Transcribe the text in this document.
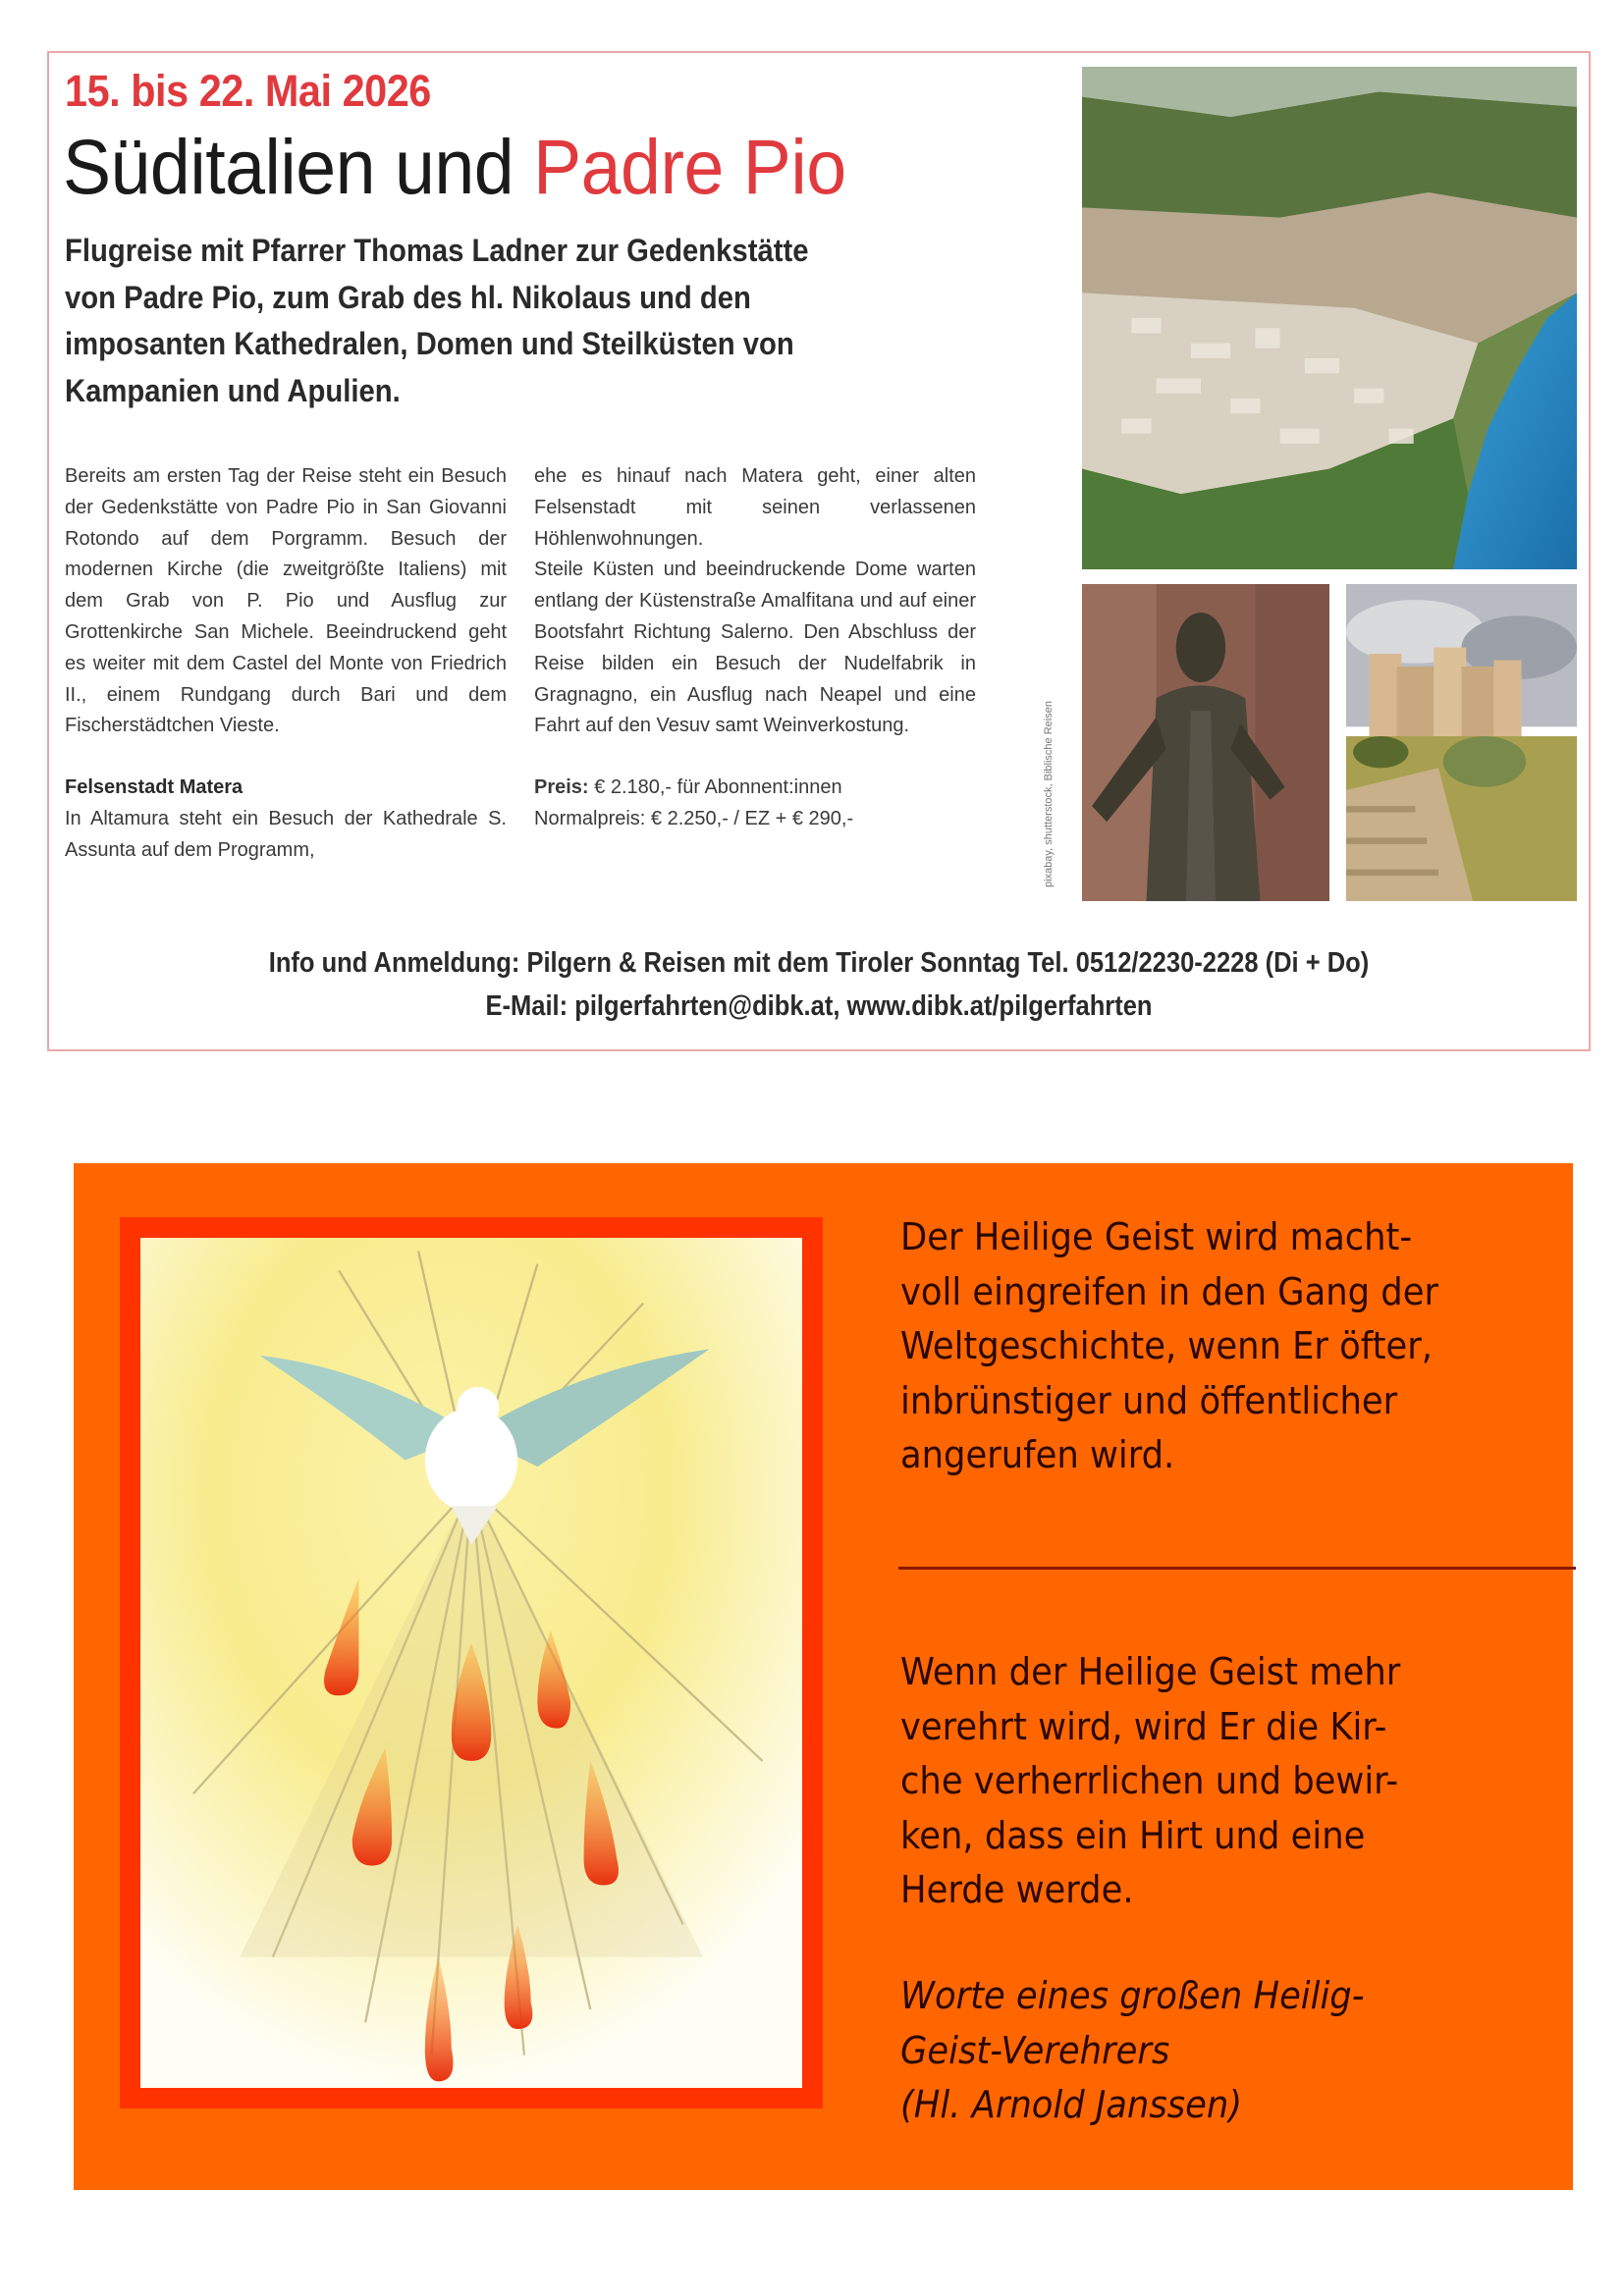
15. bis 22. Mai 2026
Süditalien und Padre Pio
Flugreise mit Pfarrer Thomas Ladner zur Gedenkstätte
von Padre Pio, zum Grab des hl. Nikolaus und den
imposanten Kathedralen, Domen und Steilküsten von
Kampanien und Apulien.

Bereits am ersten Tag der Reise steht ein Besuch der Gedenkstätte von Padre Pio in San Giovanni Rotondo auf dem Porgramm. Besuch der modernen Kirche (die zweitgrößte Italiens) mit dem Grab von P. Pio und Ausflug zur Grottenkirche San Michele. Beeindruckend geht es weiter mit dem Castel del Monte von Friedrich II., einem Rundgang durch Bari und dem Fischerstädtchen Vieste.

Felsenstadt Matera

In Altamura steht ein Besuch der Kathedrale S. Assunta auf dem Programm,

ehe es hinauf nach Matera geht, einer alten Felsenstadt mit seinen verlassenen Höhlenwohnungen.

Steile Küsten und beeindruckende Dome warten entlang der Küstenstraße Amalfitana und auf einer Bootsfahrt Richtung Salerno. Den Abschluss der Reise bilden ein Besuch der Nudelfabrik in Gragnagno, ein Ausflug nach Neapel und eine Fahrt auf den Vesuv samt Weinverkostung.

Preis: € 2.180,- für Abonnent:innen

Normalpreis: € 2.250,- / EZ + € 290,-	pixabay, shutterstock, Biblische Reisen
Info und Anmeldung: Pilgern & Reisen mit dem Tiroler Sonntag Tel. 0512/2230-2228 (Di + Do)
E-Mail: pilgerfahrten@dibk.at, www.dibk.at/pilgerfahrten

Der Heilige Geist wird macht-

voll eingreifen in den Gang der

Weltgeschichte, wenn Er öfter,

inbrünstiger und öffentlicher

angerufen wird.

Wenn der Heilige Geist mehr

verehrt wird, wird Er die Kir-

che verherrlichen und bewir-

ken, dass ein Hirt und eine

Herde werde.

Worte eines großen Heilig-

Geist-Verehrers

(Hl. Arnold Janssen)
